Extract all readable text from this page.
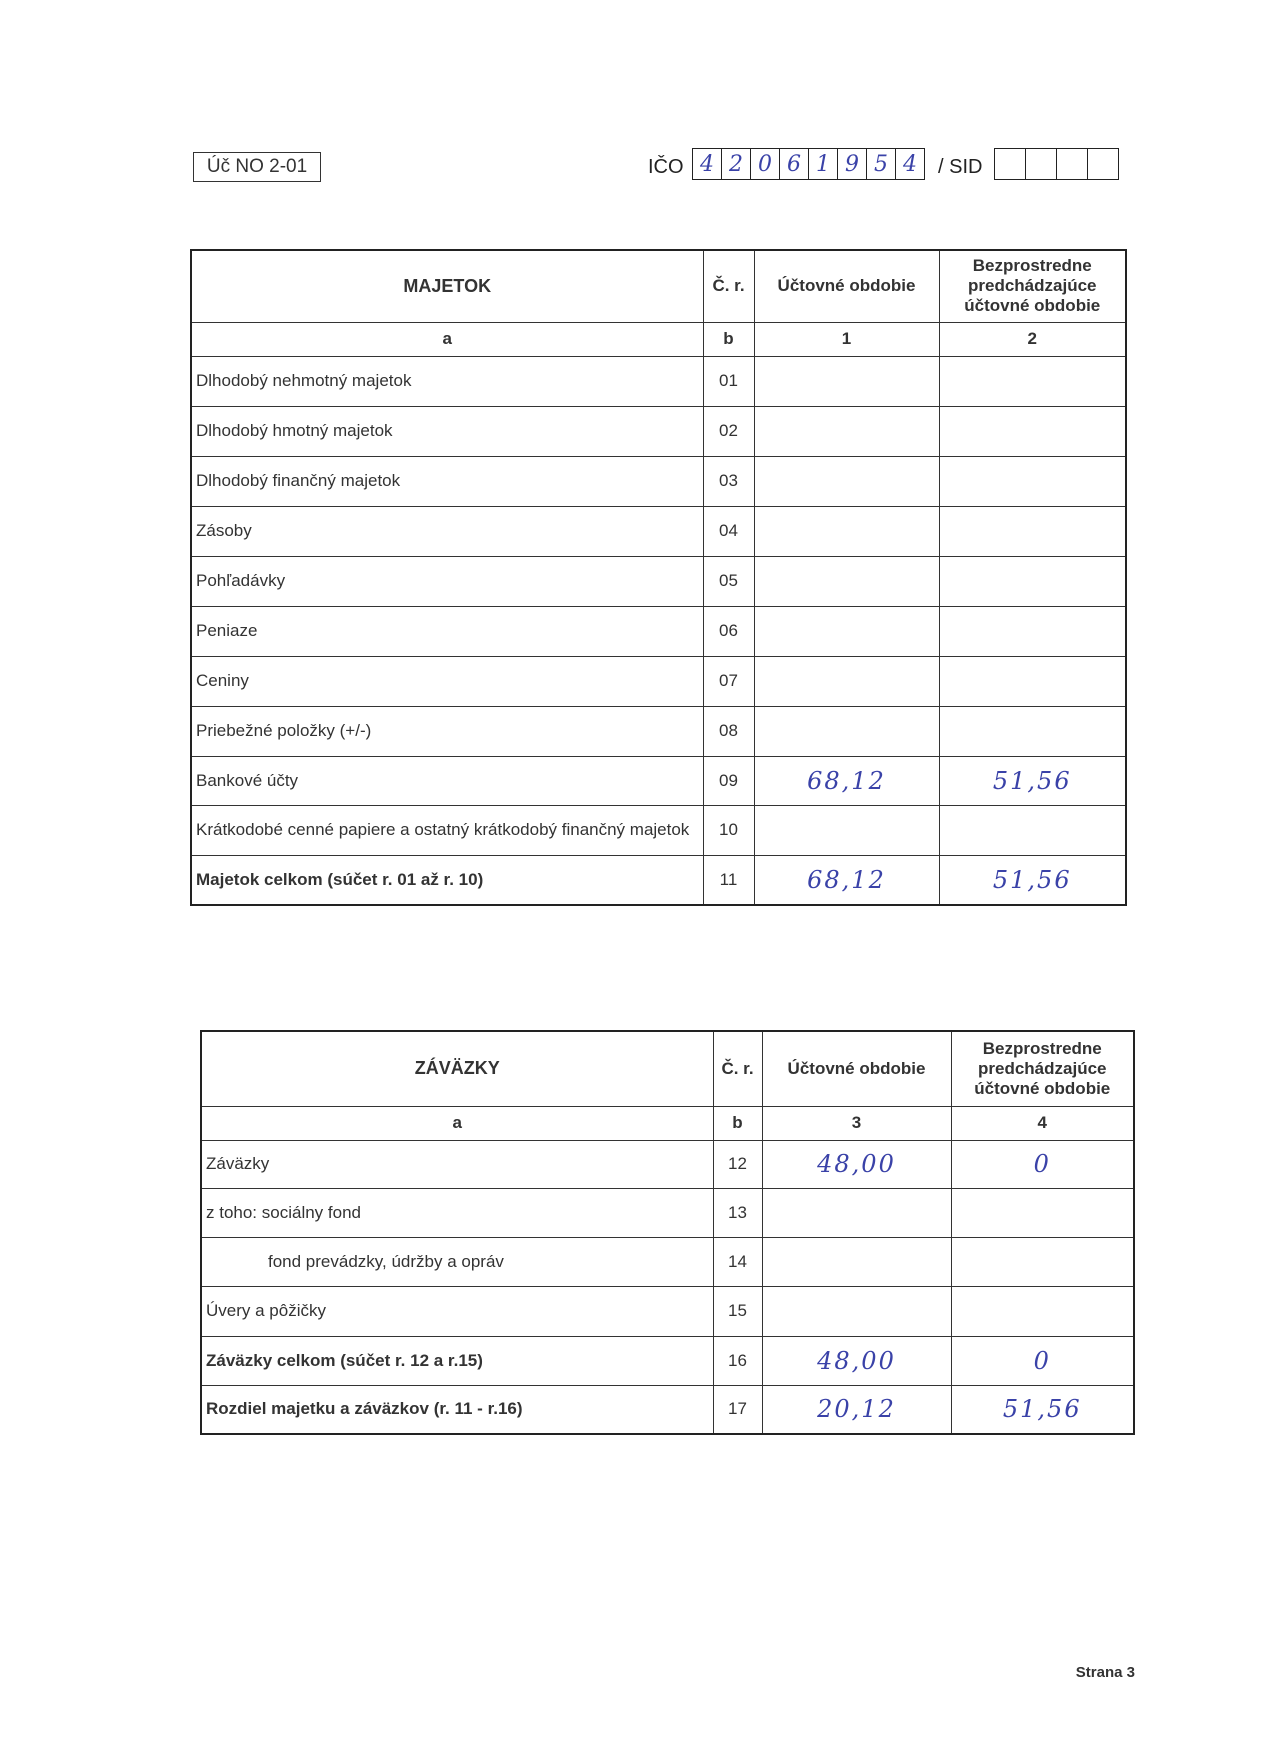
Úč NO 2-01	IČO 4 2 0 6 1 9 5 4	/ SID
MAJETOK	Č. r.	Účtovné obdobie	Bezprostredne predchádzajúce účtovné obdobie
a	b	1	2
Dlhodobý nehmotný majetok	01		
Dlhodobý hmotný majetok	02		
Dlhodobý finančný majetok	03		
Zásoby	04		
Pohľadávky	05		
Peniaze	06		
Ceniny	07		
Priebežné položky (+/-)	08		
Bankové účty	09	68,12	51,56
Krátkodobé cenné papiere a ostatný krátkodobý finančný majetok	10		
Majetok celkom (súčet r. 01 až r. 10)	11	68,12	51,56
ZÁVÄZKY	Č. r.	Účtovné obdobie	Bezprostredne predchádzajúce účtovné obdobie
a	b	3	4
Záväzky	12	48,00	0
z toho: sociálny fond	13		
fond prevádzky, údržby a opráv	14		
Úvery a pôžičky	15		
Záväzky celkom (súčet r. 12 a r.15)	16	48,00	0
Rozdiel majetku a záväzkov (r. 11 - r.16)	17	20,12	51,56
Strana 3
